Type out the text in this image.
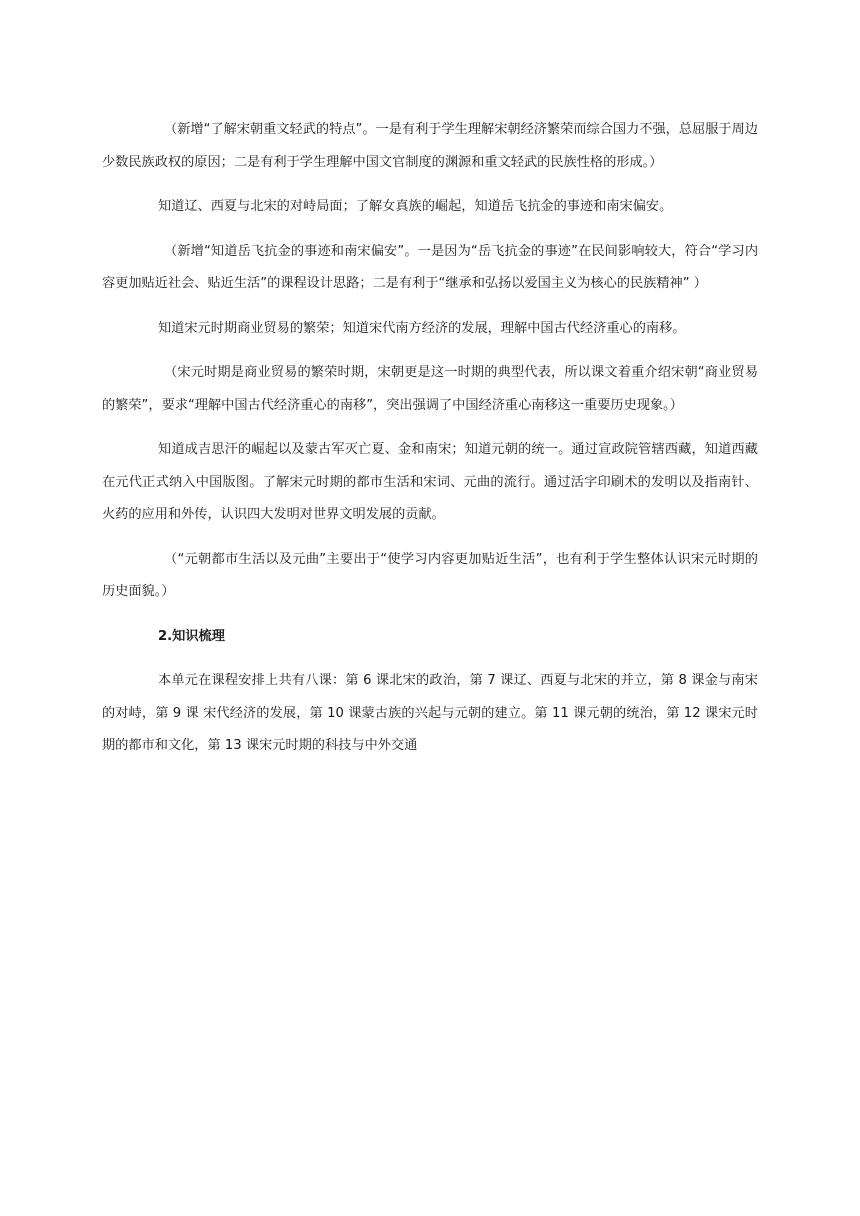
（新增“了解宋朝重文轻武的特点”。一是有利于学生理解宋朝经济繁荣而综合国力不强，总屈服于周边少数民族政权的原因；二是有利于学生理解中国文官制度的渊源和重文轻武的民族性格的形成。）

知道辽、西夏与北宋的对峙局面；了解女真族的崛起，知道岳飞抗金的事迹和南宋偏安。

（新增“知道岳飞抗金的事迹和南宋偏安”。一是因为“岳飞抗金的事迹”在民间影响较大，符合“学习内容更加贴近社会、贴近生活”的课程设计思路；二是有利于“继承和弘扬以爱国主义为核心的民族精神” ）

知道宋元时期商业贸易的繁荣；知道宋代南方经济的发展，理解中国古代经济重心的南移。

（宋元时期是商业贸易的繁荣时期，宋朝更是这一时期的典型代表，所以课文着重介绍宋朝“商业贸易的繁荣”，要求“理解中国古代经济重心的南移”，突出强调了中国经济重心南移这一重要历史现象。）

知道成吉思汗的崛起以及蒙古军灭亡夏、金和南宋；知道元朝的统一。通过宣政院管辖西藏，知道西藏在元代正式纳入中国版图。了解宋元时期的都市生活和宋词、元曲的流行。通过活字印刷术的发明以及指南针、火药的应用和外传，认识四大发明对世界文明发展的贡献。

（“元朝都市生活以及元曲”主要出于“使学习内容更加贴近生活”，也有利于学生整体认识宋元时期的历史面貌。）

2.知识梳理

本单元在课程安排上共有八课：第 6 课北宋的政治，第 7 课辽、西夏与北宋的并立，第 8 课金与南宋的对峙，第 9 课 宋代经济的发展，第 10 课蒙古族的兴起与元朝的建立。第 11 课元朝的统治，第 12 课宋元时期的都市和文化，第 13 课宋元时期的科技与中外交通
